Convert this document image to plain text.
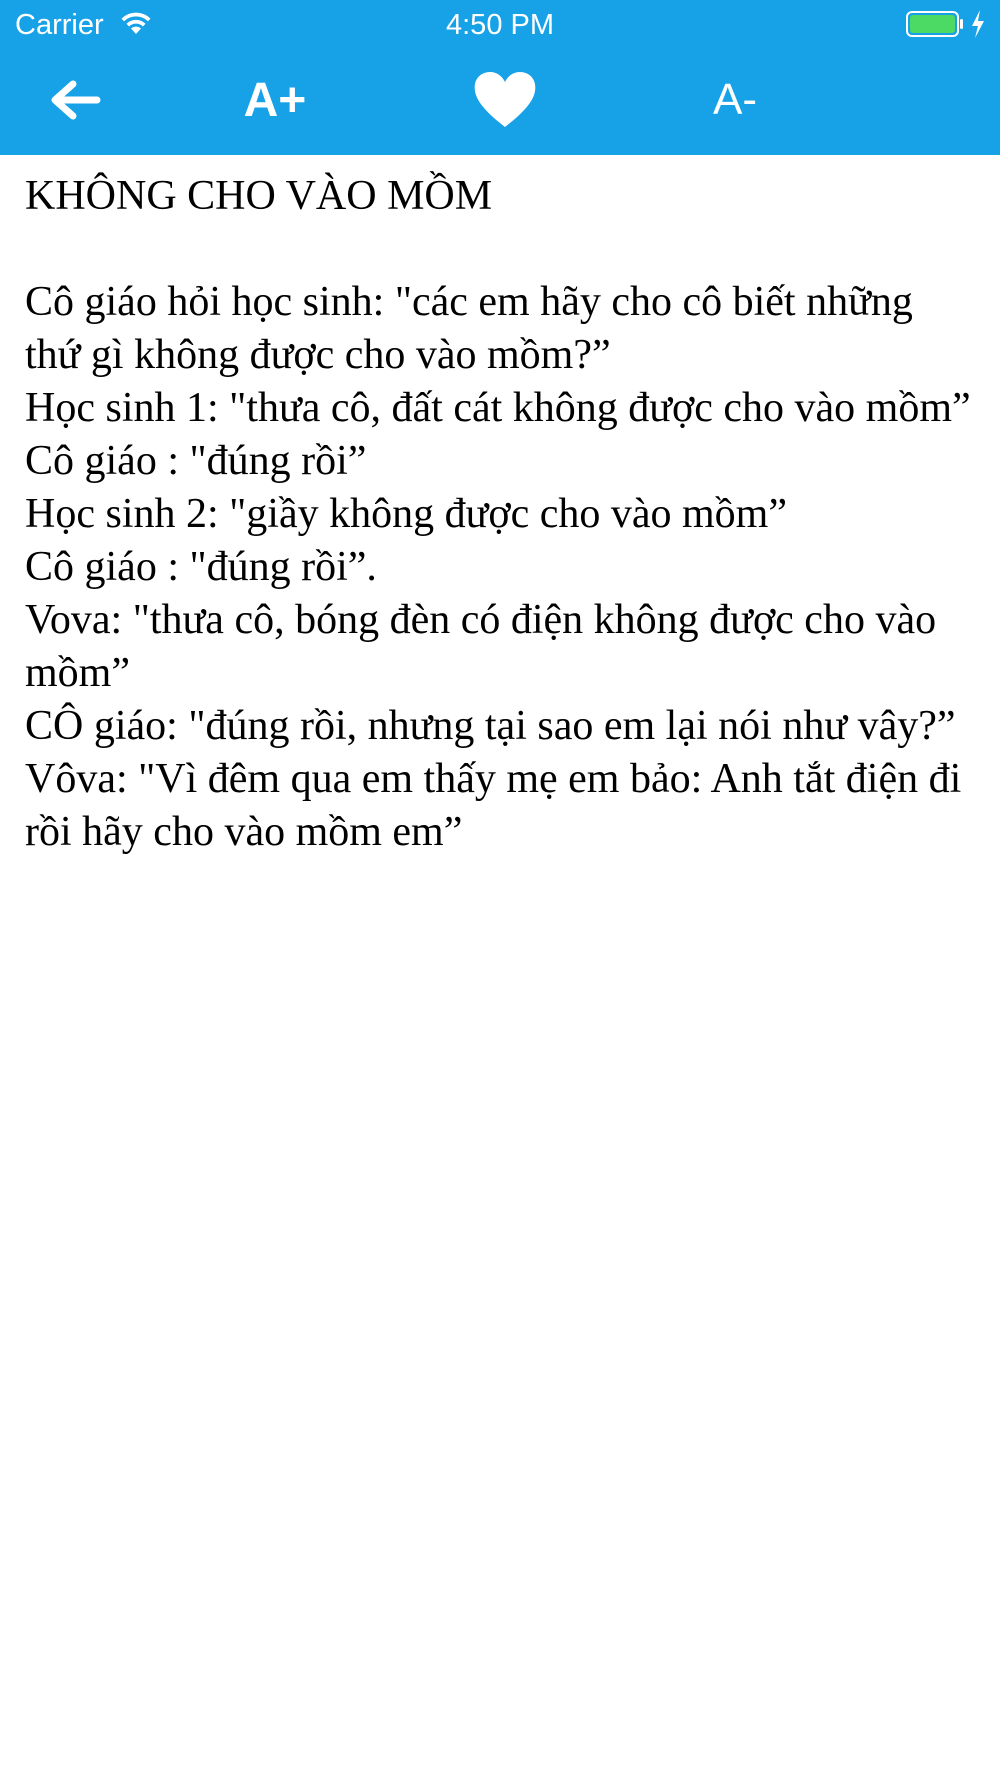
Carrier	4:50 PM
A+	A-
KHÔNG CHO VÀO MỒM
Cô giáo hỏi học sinh: "các em hãy cho cô biết những thứ gì không được cho vào mồm?”
Học sinh 1: "thưa cô, đất cát không được cho vào mồm”
Cô giáo : "đúng rồi”
Học sinh 2: "giầy không được cho vào mồm”
Cô giáo : "đúng rồi”.
Vova: "thưa cô, bóng đèn có điện không được cho vào mồm”
CÔ giáo: "đúng rồi, nhưng tại sao em lại nói như vây?”
Vôva: "Vì đêm qua em thấy mẹ em bảo: Anh tắt điện đi rồi hãy cho vào mồm em”
